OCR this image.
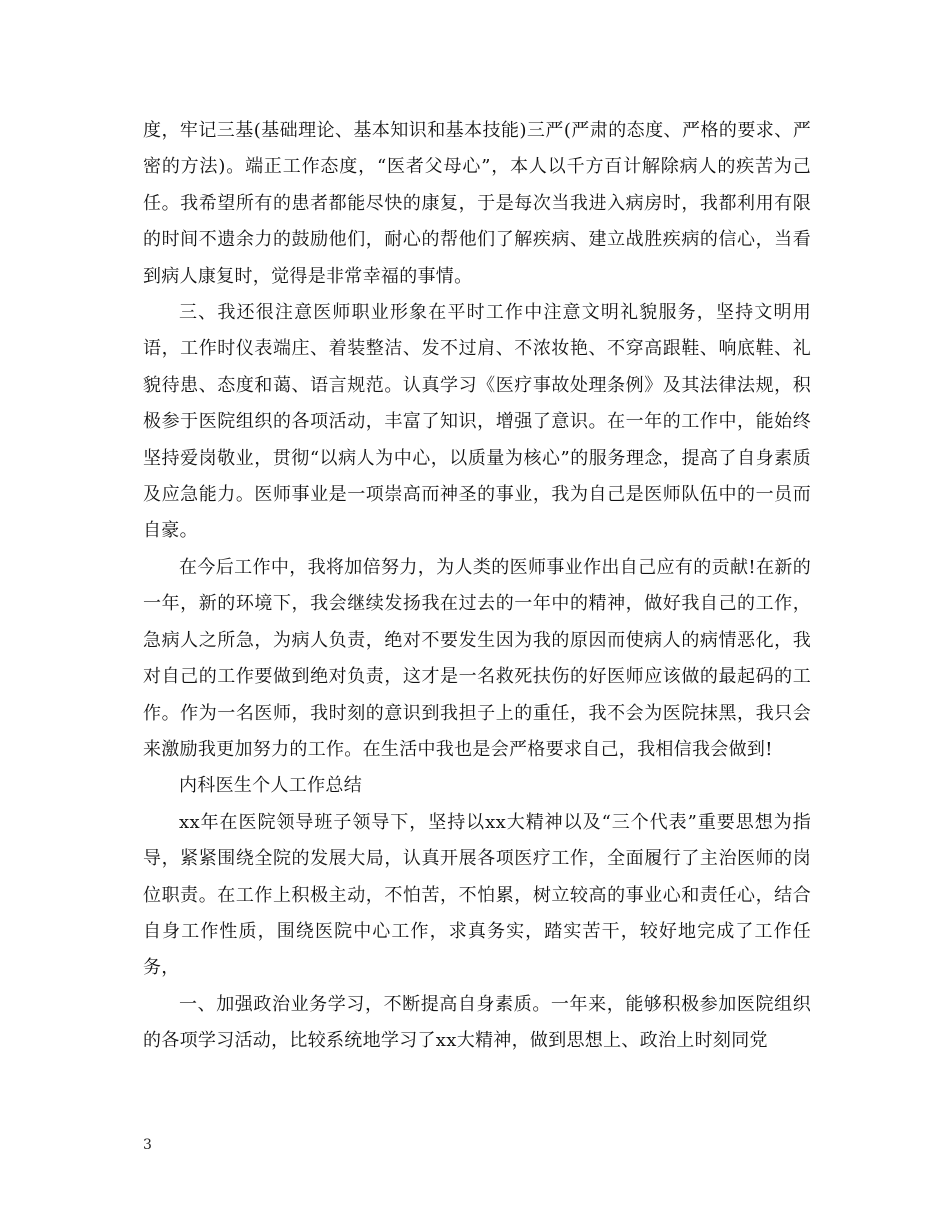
度，牢记三基(基础理论、基本知识和基本技能)三严(严肃的态度、严格的要求、严密的方法)。端正工作态度，“医者父母心”，本人以千方百计解除病人的疾苦为己任。我希望所有的患者都能尽快的康复，于是每次当我进入病房时，我都利用有限的时间不遗余力的鼓励他们，耐心的帮他们了解疾病、建立战胜疾病的信心，当看到病人康复时，觉得是非常幸福的事情。

三、我还很注意医师职业形象在平时工作中注意文明礼貌服务，坚持文明用语，工作时仪表端庄、着装整洁、发不过肩、不浓妆艳、不穿高跟鞋、响底鞋、礼貌待患、态度和蔼、语言规范。认真学习《医疗事故处理条例》及其法律法规，积极参于医院组织的各项活动，丰富了知识，增强了意识。在一年的工作中，能始终坚持爱岗敬业，贯彻“以病人为中心，以质量为核心”的服务理念，提高了自身素质及应急能力。医师事业是一项崇高而神圣的事业，我为自己是医师队伍中的一员而自豪。

在今后工作中，我将加倍努力，为人类的医师事业作出自己应有的贡献!在新的一年，新的环境下，我会继续发扬我在过去的一年中的精神，做好我自己的工作，急病人之所急，为病人负责，绝对不要发生因为我的原因而使病人的病情恶化，我对自己的工作要做到绝对负责，这才是一名救死扶伤的好医师应该做的最起码的工作。作为一名医师，我时刻的意识到我担子上的重任，我不会为医院抹黑，我只会来激励我更加努力的工作。在生活中我也是会严格要求自己，我相信我会做到!

内科医生个人工作总结

xx年在医院领导班子领导下，坚持以xx大精神以及“三个代表”重要思想为指导，紧紧围绕全院的发展大局，认真开展各项医疗工作，全面履行了主治医师的岗位职责。在工作上积极主动，不怕苦，不怕累，树立较高的事业心和责任心，结合自身工作性质，围绕医院中心工作，求真务实，踏实苦干，较好地完成了工作任务，

一、加强政治业务学习，不断提高自身素质。一年来，能够积极参加医院组织的各项学习活动，比较系统地学习了xx大精神，做到思想上、政治上时刻同党

3
